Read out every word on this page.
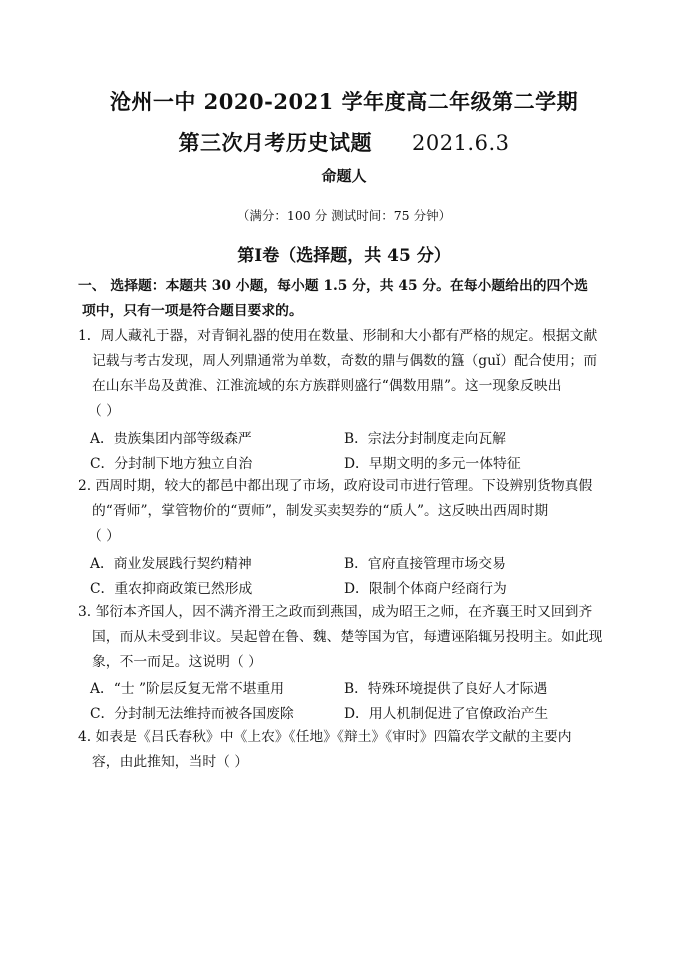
沧州一中 2020-2021 学年度高二年级第二学期
第三次月考历史试题 2021.6.3
命题人
（满分：100 分 测试时间：75 分钟）
第Ⅰ卷（选择题，共 45 分）
一、 选择题：本题共 30 小题，每小题 1.5 分，共 45 分。在每小题给出的四个选
项中，只有一项是符合题目要求的。
1．周人藏礼于器，对青铜礼器的使用在数量、形制和大小都有严格的规定。根据文献
记载与考古发现，周人列鼎通常为单数，奇数的鼎与偶数的簋（guǐ）配合使用；而
在山东半岛及黄淮、江淮流域的东方族群则盛行“偶数用鼎”。这一现象反映出
（ ）
A．贵族集团内部等级森严	B．宗法分封制度走向瓦解
C．分封制下地方独立自治	D．早期文明的多元一体特征
2. 西周时期，较大的都邑中都出现了市场，政府设司市进行管理。下设辨别货物真假
的“胥师”，掌管物价的“贾师”，制发买卖契券的“质人”。这反映出西周时期
（ ）
A．商业发展践行契约精神	B．官府直接管理市场交易
C．重农抑商政策已然形成	D．限制个体商户经商行为
3. 邹衍本齐国人，因不满齐滑王之政而到燕国，成为昭王之师，在齐襄王时又回到齐
国，而从未受到非议。吴起曾在鲁、魏、楚等国为官，每遭诬陷辄另投明主。如此现
象，不一而足。这说明（ ）
A．“士 ”阶层反复无常不堪重用	B．特殊环境提供了良好人才际遇
C．分封制无法维持而被各国废除	D．用人机制促进了官僚政治产生
4. 如表是《吕氏春秋》中《上农》《任地》《辩土》《审时》四篇农学文献的主要内
容，由此推知，当时（ ）
